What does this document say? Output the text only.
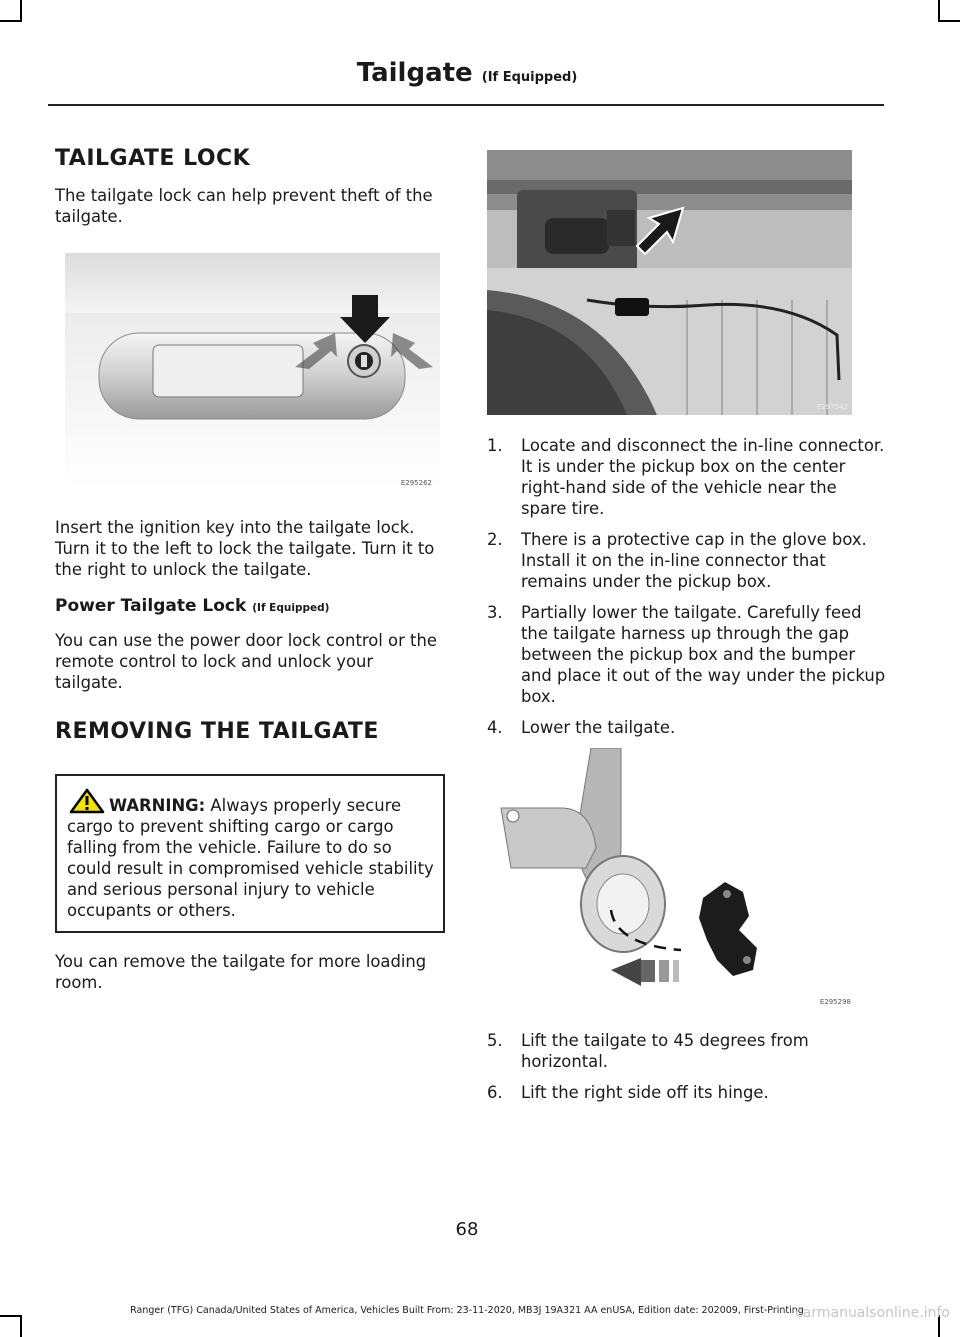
Tailgate (If Equipped)
TAILGATE LOCK

The tailgate lock can help prevent theft of the tailgate.

E295262

Insert the ignition key into the tailgate lock. Turn it to the left to lock the tailgate. Turn it to the right to unlock the tailgate.

Power Tailgate Lock (If Equipped)

You can use the power door lock control or the remote control to lock and unlock your tailgate.

REMOVING THE TAILGATE
WARNING: Always properly secure cargo to prevent shifting cargo or cargo falling from the vehicle. Failure to do so could result in compromised vehicle stability and serious personal injury to vehicle occupants or others.

You can remove the tailgate for more loading room.

E297542
1. Locate and disconnect the in-line connector. It is under the pickup box on the center right-hand side of the vehicle near the spare tire.
2. There is a protective cap in the glove box. Install it on the in-line connector that remains under the pickup box.
3. Partially lower the tailgate. Carefully feed the tailgate harness up through the gap between the pickup box and the bumper and place it out of the way under the pickup box.
4. Lower the tailgate.
E295298
5. Lift the tailgate to 45 degrees from horizontal.
6. Lift the right side off its hinge.
68
Ranger (TFG) Canada/United States of America, Vehicles Built From: 23-11-2020, MB3J 19A321 AA enUSA, Edition date: 202009, First-Printing
carmanualsonline.info
